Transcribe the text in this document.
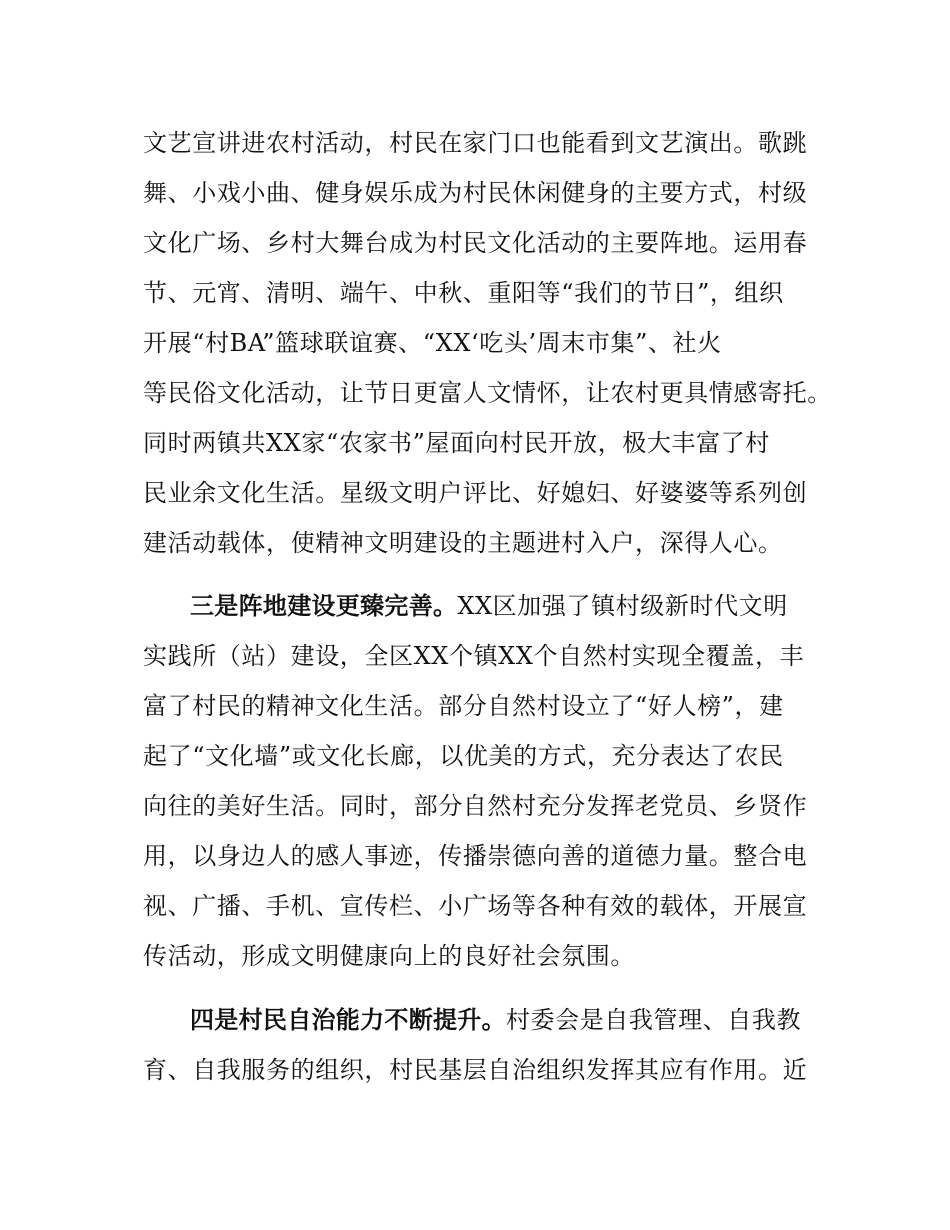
文艺宣讲进农村活动，村民在家门口也能看到文艺演出。歌跳
舞、小戏小曲、健身娱乐成为村民休闲健身的主要方式，村级
文化广场、乡村大舞台成为村民文化活动的主要阵地。运用春
节、元宵、清明、端午、中秋、重阳等“我们的节日”，组织
开展“村BA”篮球联谊赛、“XX‘吃头’周末市集”、社火
等民俗文化活动，让节日更富人文情怀，让农村更具情感寄托。
同时两镇共XX家“农家书”屋面向村民开放，极大丰富了村
民业余文化生活。星级文明户评比、好媳妇、好婆婆等系列创
建活动载体，使精神文明建设的主题进村入户，深得人心。
三是阵地建设更臻完善。XX区加强了镇村级新时代文明
实践所（站）建设，全区XX个镇XX个自然村实现全覆盖，丰
富了村民的精神文化生活。部分自然村设立了“好人榜”，建
起了“文化墙”或文化长廊，以优美的方式，充分表达了农民
向往的美好生活。同时，部分自然村充分发挥老党员、乡贤作
用，以身边人的感人事迹，传播崇德向善的道德力量。整合电
视、广播、手机、宣传栏、小广场等各种有效的载体，开展宣
传活动，形成文明健康向上的良好社会氛围。
四是村民自治能力不断提升。村委会是自我管理、自我教
育、自我服务的组织，村民基层自治组织发挥其应有作用。近
